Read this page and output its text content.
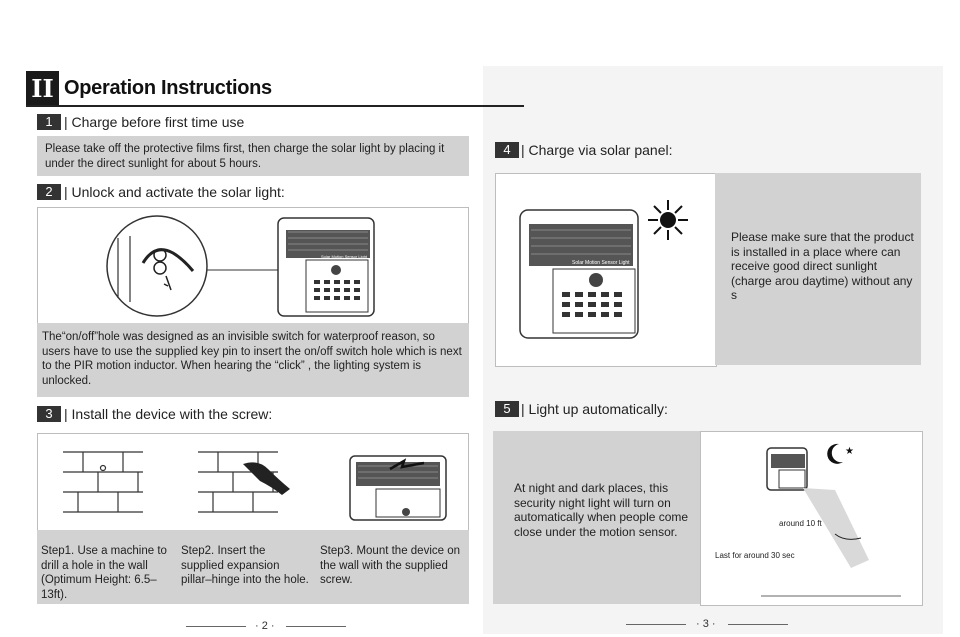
II Operation Instructions
1 | Charge before first time use
Please take off the protective films first, then charge the solar light by placing it under the direct sunlight for about 5 hours.
2 | Unlock and activate the solar light:
Solar Motion Sensor Light
The“on/off”hole was designed as an invisible switch for waterproof reason, so users have to use the supplied key pin to insert the on/off switch hole which is next to the PIR motion inductor. When hearing the “click” , the lighting system is unlocked.
3 | Install the device with the screw:
Step1. Use a machine to drill a hole in the wall (Optimum Height: 6.5–13ft).
Step2. Insert the supplied expansion pillar–hinge into the hole.
Step3. Mount the device on the wall with the supplied screw.
4 | Charge via solar panel:
Solar Motion Sensor Light
Please make sure that the product is installed in a place where can receive good direct sunlight (charge arou daytime) without any s
5 | Light up automatically:
At night and dark places, this security night light will turn on automatically when people come close under the motion sensor.
★
around 10 ft
Last for around 30 sec
· 2 ·	· 3 ·
